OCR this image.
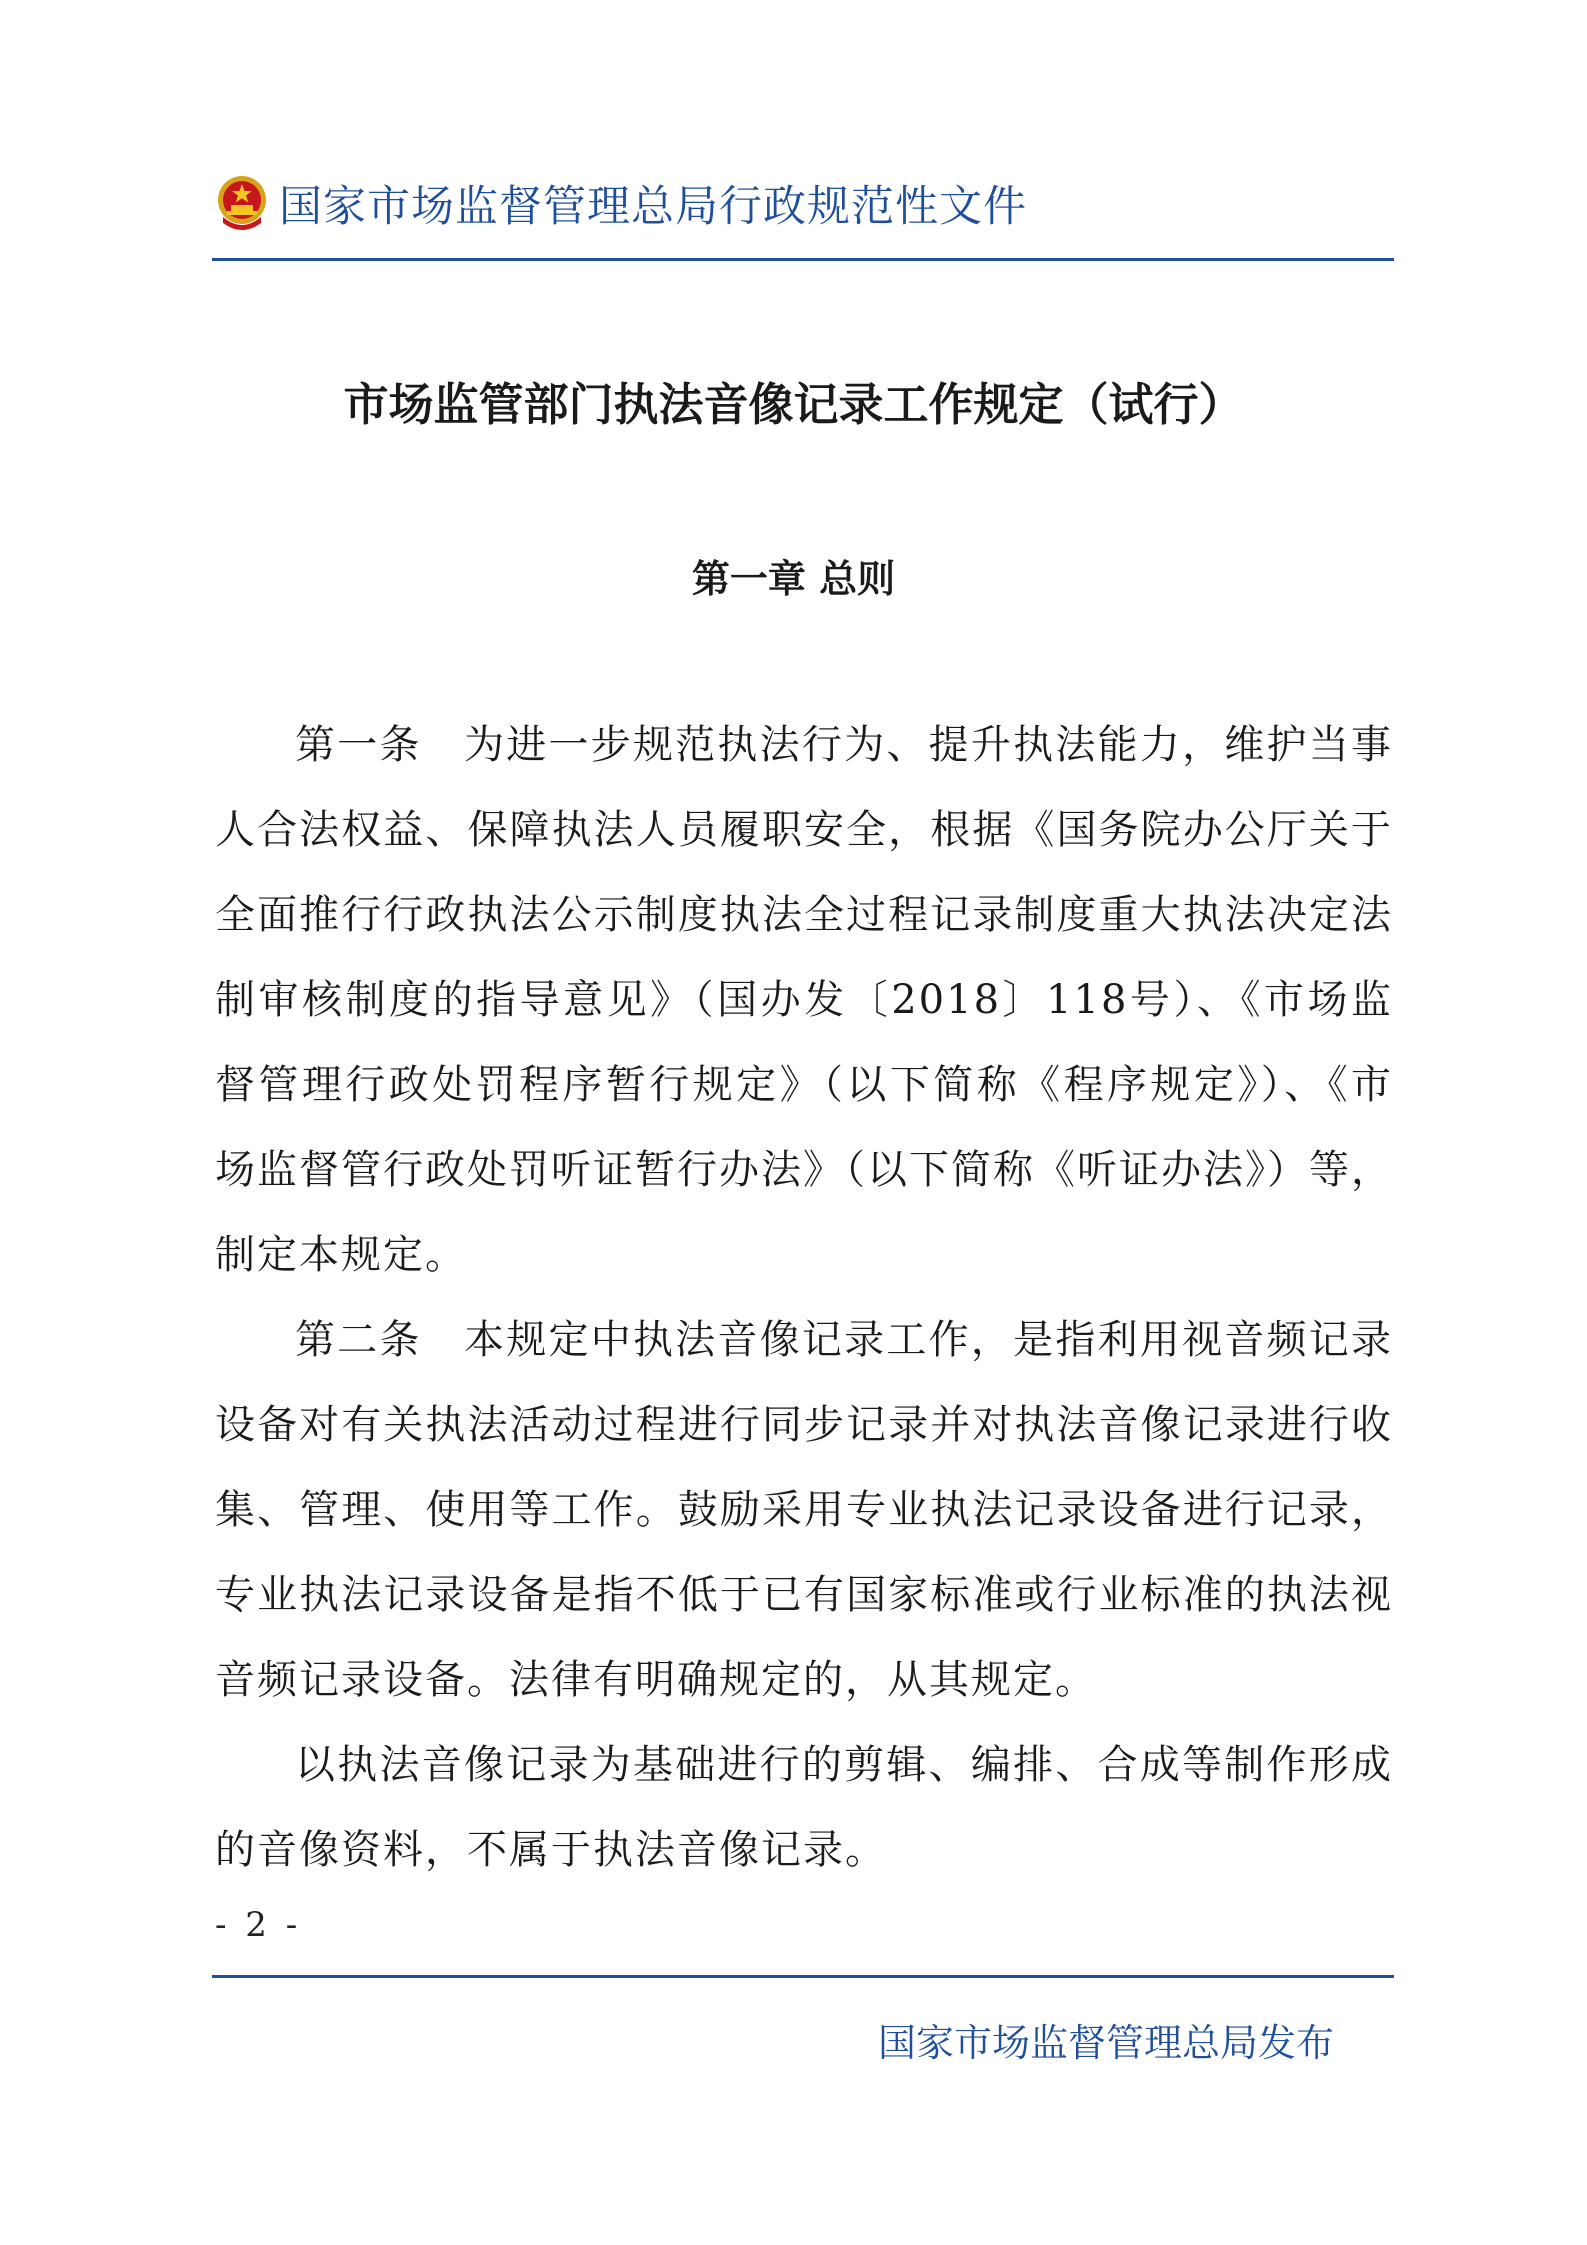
国家市场监督管理总局行政规范性文件
市场监管部门执法音像记录工作规定（试行）
第一章 总则

第一条　 为进一步规范执法行为、提升执法能力，维护当事人合法权益、保障执法人员履职安全，根据《国务院办公厅关于全面推行行政执法公示制度执法全过程记录制度重大执法决定法制审核制度的指导意见》（国办发〔2018〕118号）、《市场监督管理行政处罚程序暂行规定》（以下简称《程序规定》）、《市场监督管行政处罚听证暂行办法》（以下简称《听证办法》）等，制定本规定。

第二条　 本规定中执法音像记录工作，是指利用视音频记录设备对有关执法活动过程进行同步记录并对执法音像记录进行收集、管理、使用等工作。鼓励采用专业执法记录设备进行记录，专业执法记录设备是指不低于已有国家标准或行业标准的执法视音频记录设备。法律有明确规定的，从其规定。

以执法音像记录为基础进行的剪辑、编排、合成等制作形成的音像资料，不属于执法音像记录。

- 2 -
国家市场监督管理总局发布
